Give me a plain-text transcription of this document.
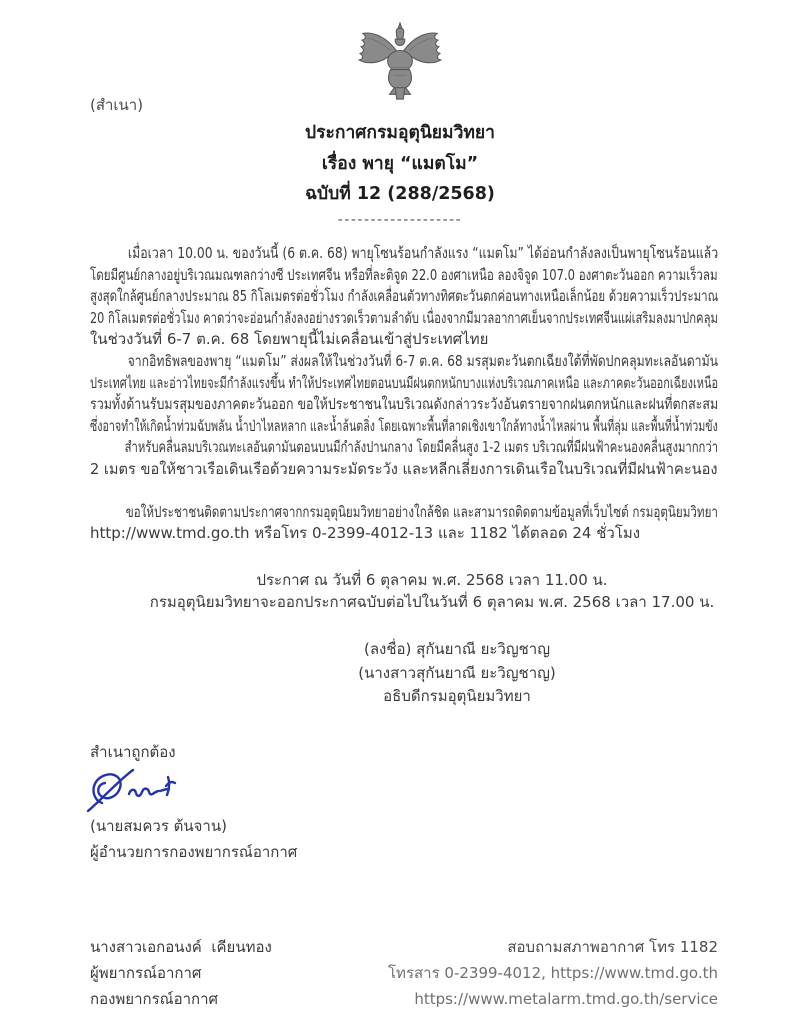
(สำเนา)
ประกาศกรมอุตุนิยมวิทยา
เรื่อง พายุ “แมตโม”
ฉบับที่ 12 (288/2568)
-------------------
เมื่อเวลา 10.00 น. ของวันนี้ (6 ต.ค. 68) พายุโซนร้อนกำลังแรง “แมตโม” ได้อ่อนกำลังลงเป็นพายุโซนร้อนแล้ว
โดยมีศูนย์กลางอยู่บริเวณมณฑลกว่างซี ประเทศจีน หรือที่ละติจูด 22.0 องศาเหนือ ลองจิจูด 107.0 องศาตะวันออก ความเร็วลม
สูงสุดใกล้ศูนย์กลางประมาณ 85 กิโลเมตรต่อชั่วโมง กำลังเคลื่อนตัวทางทิศตะวันตกค่อนทางเหนือเล็กน้อย ด้วยความเร็วประมาณ
20 กิโลเมตรต่อชั่วโมง คาดว่าจะอ่อนกำลังลงอย่างรวดเร็วตามลำดับ เนื่องจากมีมวลอากาศเย็นจากประเทศจีนแผ่เสริมลงมาปกคลุม
ในช่วงวันที่ 6-7 ต.ค. 68 โดยพายุนี้ไม่เคลื่อนเข้าสู่ประเทศไทย
จากอิทธิพลของพายุ “แมตโม” ส่งผลให้ในช่วงวันที่ 6-7 ต.ค. 68 มรสุมตะวันตกเฉียงใต้ที่พัดปกคลุมทะเลอันดามัน
ประเทศไทย และอ่าวไทยจะมีกำลังแรงขึ้น ทำให้ประเทศไทยตอนบนมีฝนตกหนักบางแห่งบริเวณภาคเหนือ และภาคตะวันออกเฉียงเหนือ
รวมทั้งด้านรับมรสุมของภาคตะวันออก ขอให้ประชาชนในบริเวณดังกล่าวระวังอันตรายจากฝนตกหนักและฝนที่ตกสะสม
ซึ่งอาจทำให้เกิดน้ำท่วมฉับพลัน น้ำป่าไหลหลาก และน้ำล้นตลิ่ง โดยเฉพาะพื้นที่ลาดเชิงเขาใกล้ทางน้ำไหลผ่าน พื้นที่ลุ่ม และพื้นที่น้ำท่วมขัง
สำหรับคลื่นลมบริเวณทะเลอันดามันตอนบนมีกำลังปานกลาง โดยมีคลื่นสูง 1-2 เมตร บริเวณที่มีฝนฟ้าคะนองคลื่นสูงมากกว่า
2 เมตร ขอให้ชาวเรือเดินเรือด้วยความระมัดระวัง และหลีกเลี่ยงการเดินเรือในบริเวณที่มีฝนฟ้าคะนอง
ขอให้ประชาชนติดตามประกาศจากกรมอุตุนิยมวิทยาอย่างใกล้ชิด และสามารถติดตามข้อมูลที่เว็บไซต์ กรมอุตุนิยมวิทยา
http://www.tmd.go.th หรือโทร 0-2399-4012-13 และ 1182 ได้ตลอด 24 ชั่วโมง
ประกาศ ณ วันที่ 6 ตุลาคม พ.ศ. 2568 เวลา 11.00 น.
กรมอุตุนิยมวิทยาจะออกประกาศฉบับต่อไปในวันที่ 6 ตุลาคม พ.ศ. 2568 เวลา 17.00 น.
(ลงชื่อ) สุกันยาณี ยะวิญชาญ
(นางสาวสุกันยาณี ยะวิญชาญ)
อธิบดีกรมอุตุนิยมวิทยา
สำเนาถูกต้อง
(นายสมควร ต้นจาน)
ผู้อำนวยการกองพยากรณ์อากาศ
นางสาวเอกอนงค์  เคียนทอง
ผู้พยากรณ์อากาศ
กองพยากรณ์อากาศ
สอบถามสภาพอากาศ โทร 1182
โทรสาร 0-2399-4012, https://www.tmd.go.th
https://www.metalarm.tmd.go.th/service
